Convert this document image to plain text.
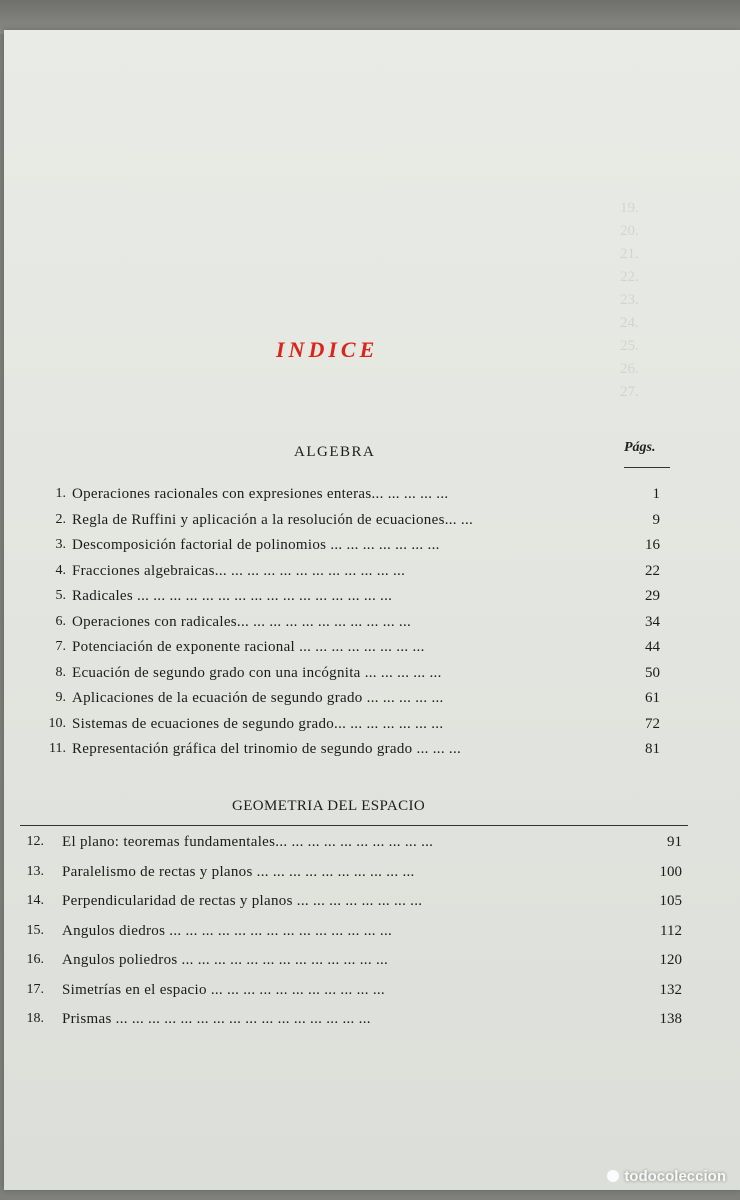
19.
20.
21.
22.
23.
24.
25.
26.
27.
INDICE
ALGEBRA	Págs.
1. Operaciones racionales con expresiones enteras... ... ... ... ...	1
2. Regla de Ruffini y aplicación a la resolución de ecuaciones... ...	9
3. Descomposición factorial de polinomios ... ... ... ... ... ... ...	16
4. Fracciones algebraicas... ... ... ... ... ... ... ... ... ... ... ...	22
5. Radicales ... ... ... ... ... ... ... ... ... ... ... ... ... ... ... ...	29
6. Operaciones con radicales... ... ... ... ... ... ... ... ... ... ...	34
7. Potenciación de exponente racional ... ... ... ... ... ... ... ...	44
8. Ecuación de segundo grado con una incógnita ... ... ... ... ...	50
9. Aplicaciones de la ecuación de segundo grado ... ... ... ... ...	61
10. Sistemas de ecuaciones de segundo grado... ... ... ... ... ... ...	72
11. Representación gráfica del trinomio de segundo grado ... ... ...	81
GEOMETRIA DEL ESPACIO
12. El plano: teoremas fundamentales... ... ... ... ... ... ... ... ... ...	91
13. Paralelismo de rectas y planos ... ... ... ... ... ... ... ... ... ...	100
14. Perpendicularidad de rectas y planos ... ... ... ... ... ... ... ...	105
15. Angulos diedros ... ... ... ... ... ... ... ... ... ... ... ... ... ...	112
16. Angulos poliedros ... ... ... ... ... ... ... ... ... ... ... ... ...	120
17. Simetrías en el espacio ... ... ... ... ... ... ... ... ... ... ...	132
18. Prismas ... ... ... ... ... ... ... ... ... ... ... ... ... ... ... ...	138
todocoleccion
